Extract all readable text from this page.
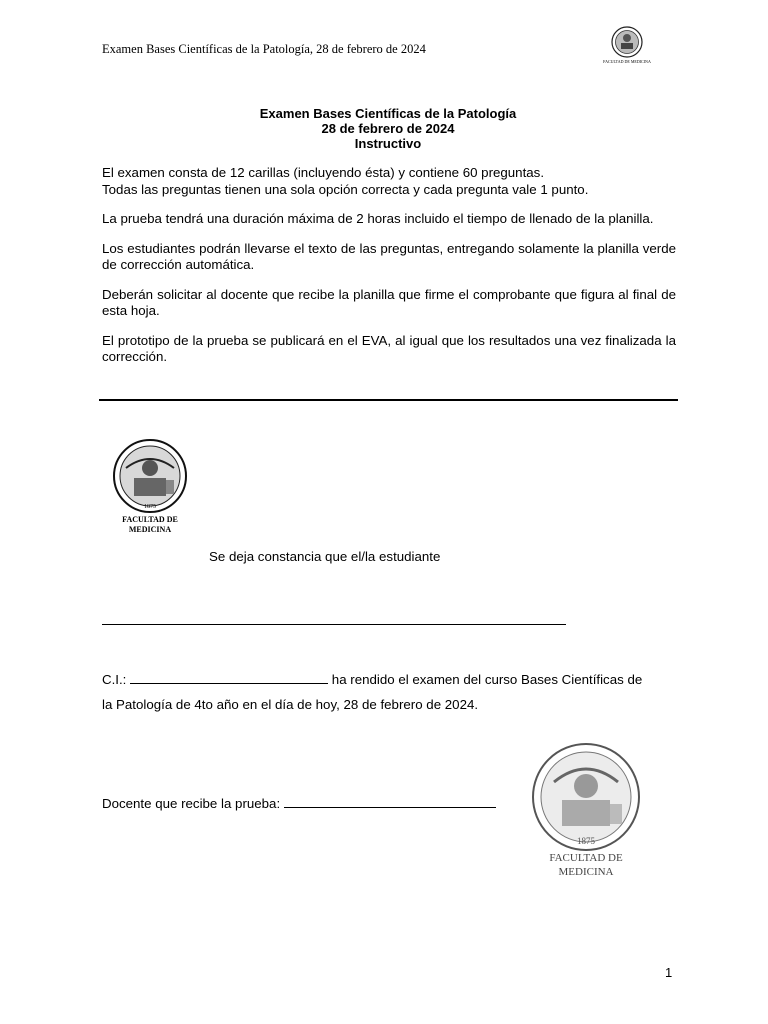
Examen Bases Científicas de la Patología, 28 de febrero de 2024
FACULTAD DE MEDICINA
Examen Bases Científicas de la Patología
28 de febrero de 2024
Instructivo

El examen consta de 12 carillas (incluyendo ésta) y contiene 60 preguntas.
Todas las preguntas tienen una sola opción correcta y cada pregunta vale 1 punto.

La prueba tendrá una duración máxima de 2 horas incluido el tiempo de llenado de la planilla.

Los estudiantes podrán llevarse el texto de las preguntas, entregando solamente la planilla verde de corrección automática.

Deberán solicitar al docente que recibe la planilla que firme el comprobante que figura al final de esta hoja.

El prototipo de la prueba se publicará en el EVA, al igual que los resultados una vez finalizada la corrección.

1875
FACULTAD DE
MEDICINA
Se deja constancia que el/la estudiante
C.I.:	ha rendido el examen del curso Bases Científicas de
la Patología de 4to año en el día de hoy, 28 de febrero de 2024.
1875
FACULTAD DE
MEDICINA
Docente que recibe la prueba:
1
